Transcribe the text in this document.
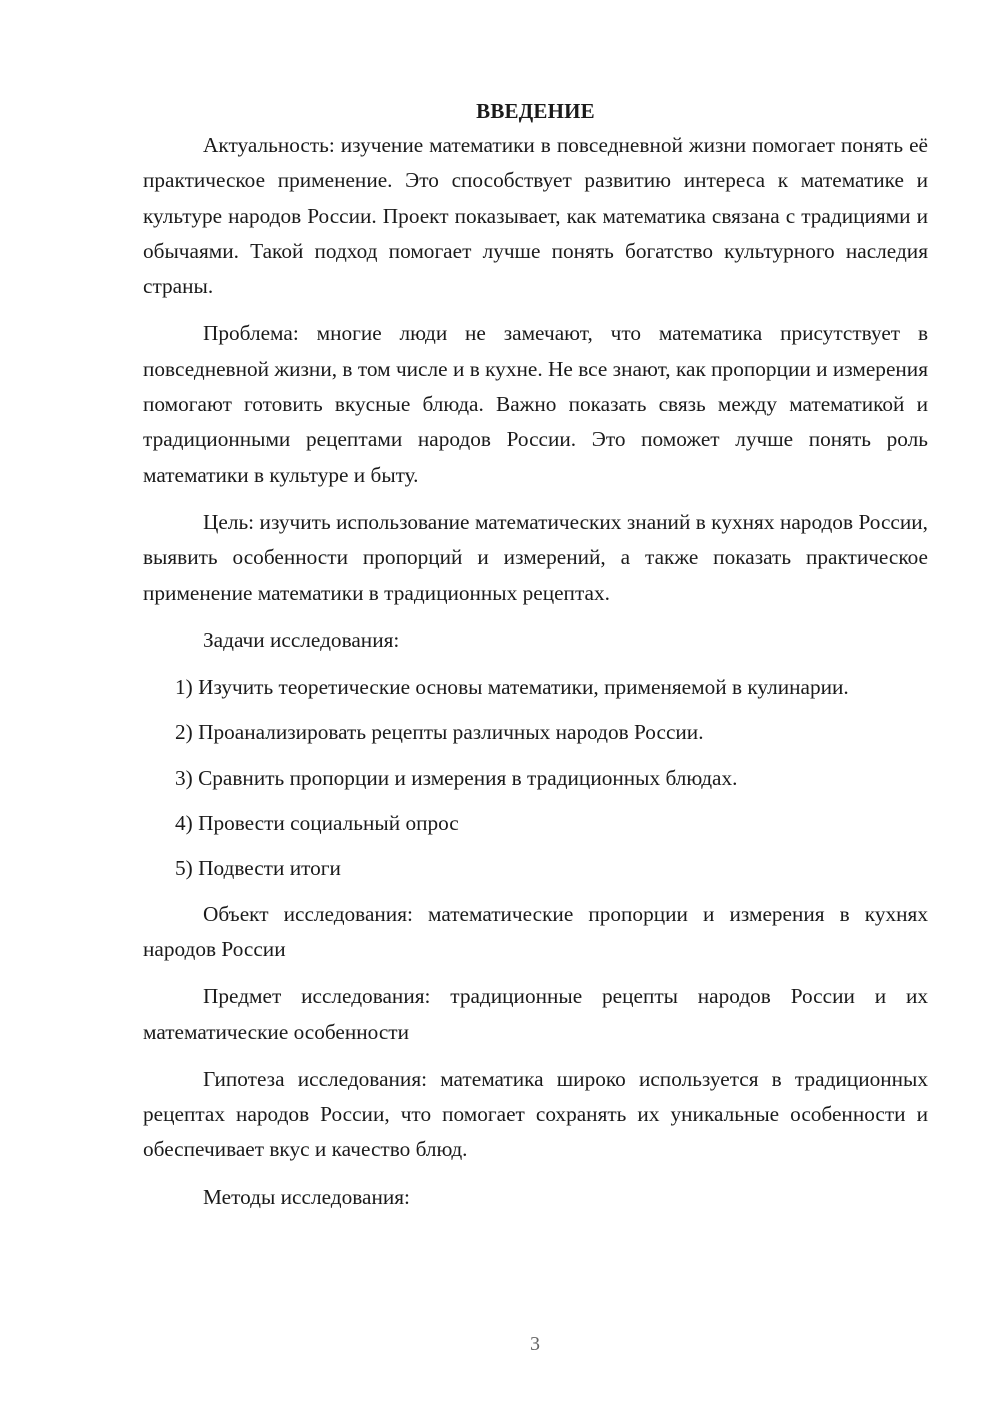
ВВЕДЕНИЕ

Актуальность: изучение математики в повседневной жизни помогает понять её практическое применение. Это способствует развитию интереса к математике и культуре народов России. Проект показывает, как математика связана с традициями и обычаями. Такой подход помогает лучше понять богатство культурного наследия страны.

Проблема: многие люди не замечают, что математика присутствует в повседневной жизни, в том числе и в кухне. Не все знают, как пропорции и измерения помогают готовить вкусные блюда. Важно показать связь между математикой и традиционными рецептами народов России. Это поможет лучше понять роль математики в культуре и быту.

Цель: изучить использование математических знаний в кухнях народов России, выявить особенности пропорций и измерений, а также показать практическое применение математики в традиционных рецептах.

Задачи исследования:

1) Изучить теоретические основы математики, применяемой в кулинарии.

2) Проанализировать рецепты различных народов России.

3) Сравнить пропорции и измерения в традиционных блюдах.

4) Провести социальный опрос

5) Подвести итоги

Объект исследования: математические пропорции и измерения в кухнях народов России

Предмет исследования: традиционные рецепты народов России и их математические особенности

Гипотеза исследования: математика широко используется в традиционных рецептах народов России, что помогает сохранять их уникальные особенности и обеспечивает вкус и качество блюд.

Методы исследования:

3
